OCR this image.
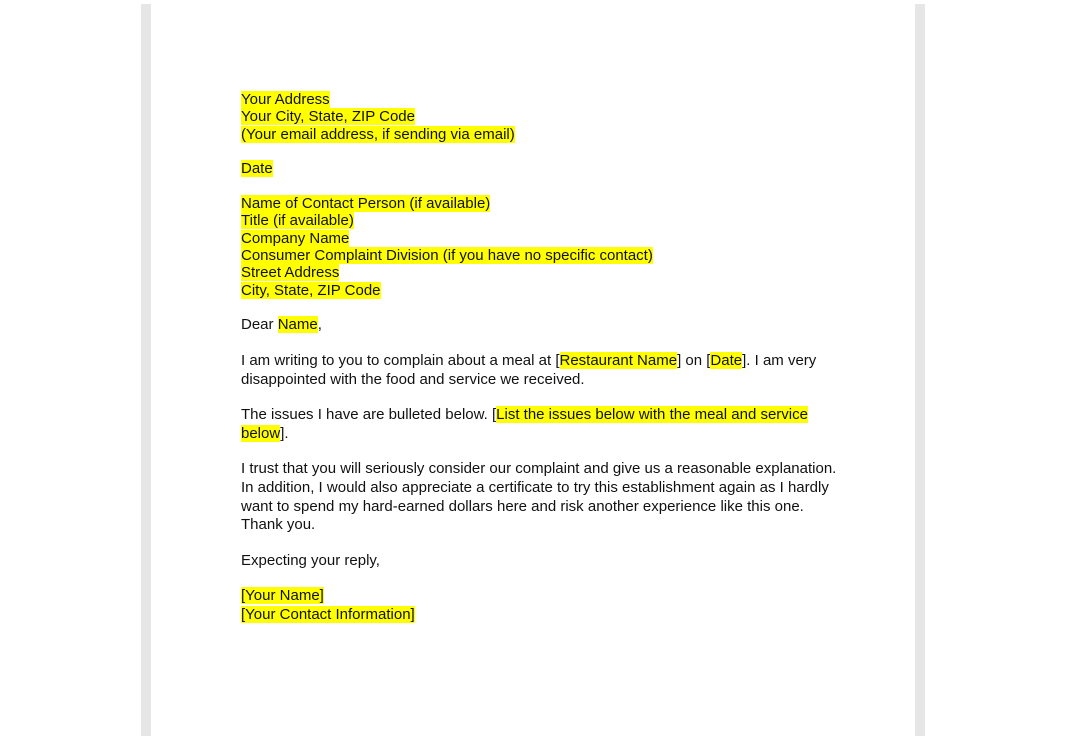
Your Address
Your City, State, ZIP Code
(Your email address, if sending via email)
Date
Name of Contact Person (if available)
Title (if available)
Company Name
Consumer Complaint Division (if you have no specific contact)
Street Address
City, State, ZIP Code

Dear Name,

I am writing to you to complain about a meal at [Restaurant Name] on [Date]. I am very disappointed with the food and service we received.

The issues I have are bulleted below. [List the issues below with the meal and service below].

I trust that you will seriously consider our complaint and give us a reasonable explanation. In addition, I would also appreciate a certificate to try this establishment again as I hardly want to spend my hard-earned dollars here and risk another experience like this one. Thank you.

Expecting your reply,

[Your Name]
[Your Contact Information]
